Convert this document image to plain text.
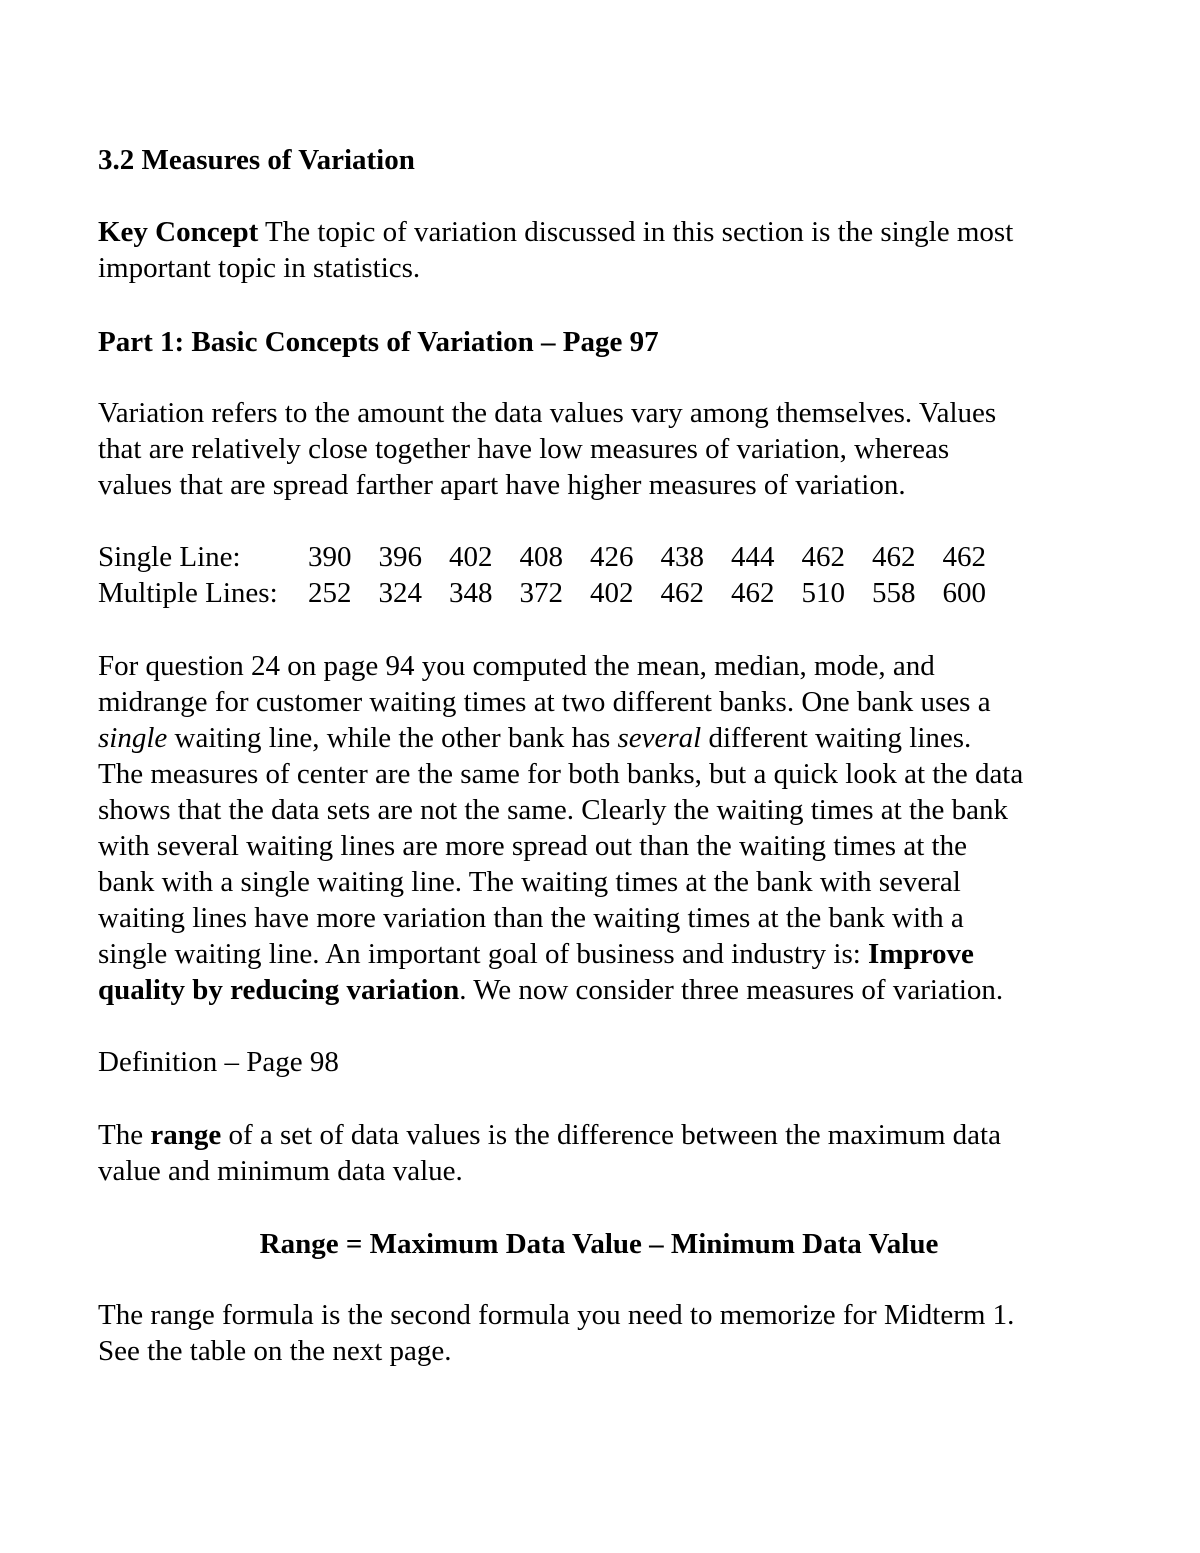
3.2 Measures of Variation
Key Concept The topic of variation discussed in this section is the single most
important topic in statistics.
Part 1: Basic Concepts of Variation – Page 97
Variation refers to the amount the data values vary among themselves. Values
that are relatively close together have low measures of variation, whereas
values that are spread farther apart have higher measures of variation.
Single Line:	390	396	402	408	426	438	444	462	462	462
Multiple Lines:	252	324	348	372	402	462	462	510	558	600
For question 24 on page 94 you computed the mean, median, mode, and
midrange for customer waiting times at two different banks. One bank uses a
single waiting line, while the other bank has several different waiting lines.
The measures of center are the same for both banks, but a quick look at the data
shows that the data sets are not the same. Clearly the waiting times at the bank
with several waiting lines are more spread out than the waiting times at the
bank with a single waiting line. The waiting times at the bank with several
waiting lines have more variation than the waiting times at the bank with a
single waiting line. An important goal of business and industry is: Improve
quality by reducing variation. We now consider three measures of variation.
Definition – Page 98
The range of a set of data values is the difference between the maximum data
value and minimum data value.
Range = Maximum Data Value – Minimum Data Value
The range formula is the second formula you need to memorize for Midterm 1.
See the table on the next page.
